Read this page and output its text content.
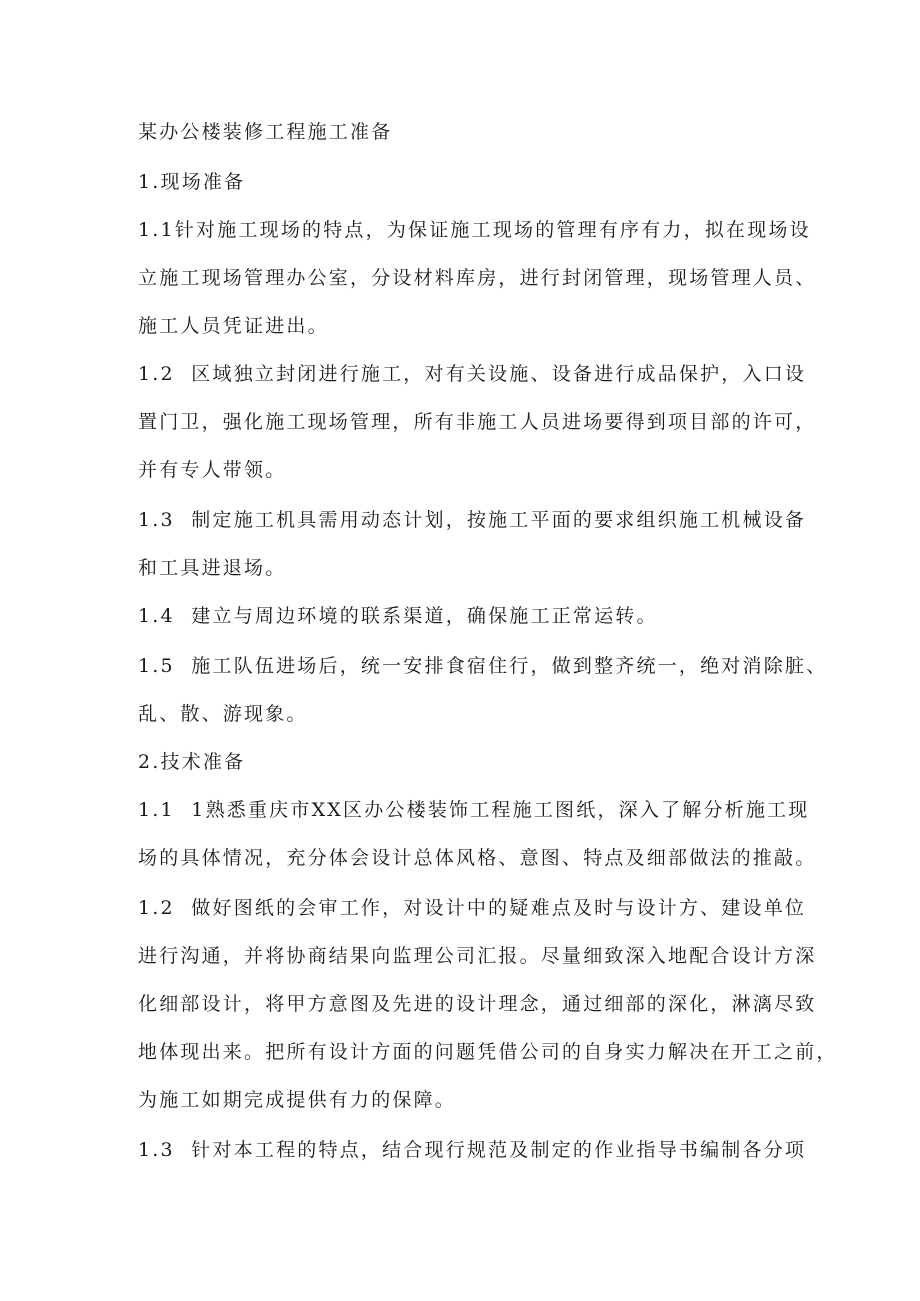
某办公楼装修工程施工准备
1.现场准备
1.1针对施工现场的特点，为保证施工现场的管理有序有力，拟在现场设
立施工现场管理办公室，分设材料库房，进行封闭管理，现场管理人员、
施工人员凭证进出。
1.2  区域独立封闭进行施工，对有关设施、设备进行成品保护，入口设
置门卫，强化施工现场管理，所有非施工人员进场要得到项目部的许可，
并有专人带领。
1.3  制定施工机具需用动态计划，按施工平面的要求组织施工机械设备
和工具进退场。
1.4  建立与周边环境的联系渠道，确保施工正常运转。
1.5  施工队伍进场后，统一安排食宿住行，做到整齐统一，绝对消除脏、
乱、散、游现象。
2.技术准备
1.1  1熟悉重庆市XX区办公楼装饰工程施工图纸，深入了解分析施工现
场的具体情况，充分体会设计总体风格、意图、特点及细部做法的推敲。
1.2  做好图纸的会审工作，对设计中的疑难点及时与设计方、建设单位
进行沟通，并将协商结果向监理公司汇报。尽量细致深入地配合设计方深
化细部设计，将甲方意图及先进的设计理念，通过细部的深化，淋漓尽致
地体现出来。把所有设计方面的问题凭借公司的自身实力解决在开工之前，
为施工如期完成提供有力的保障。
1.3  针对本工程的特点，结合现行规范及制定的作业指导书编制各分项
